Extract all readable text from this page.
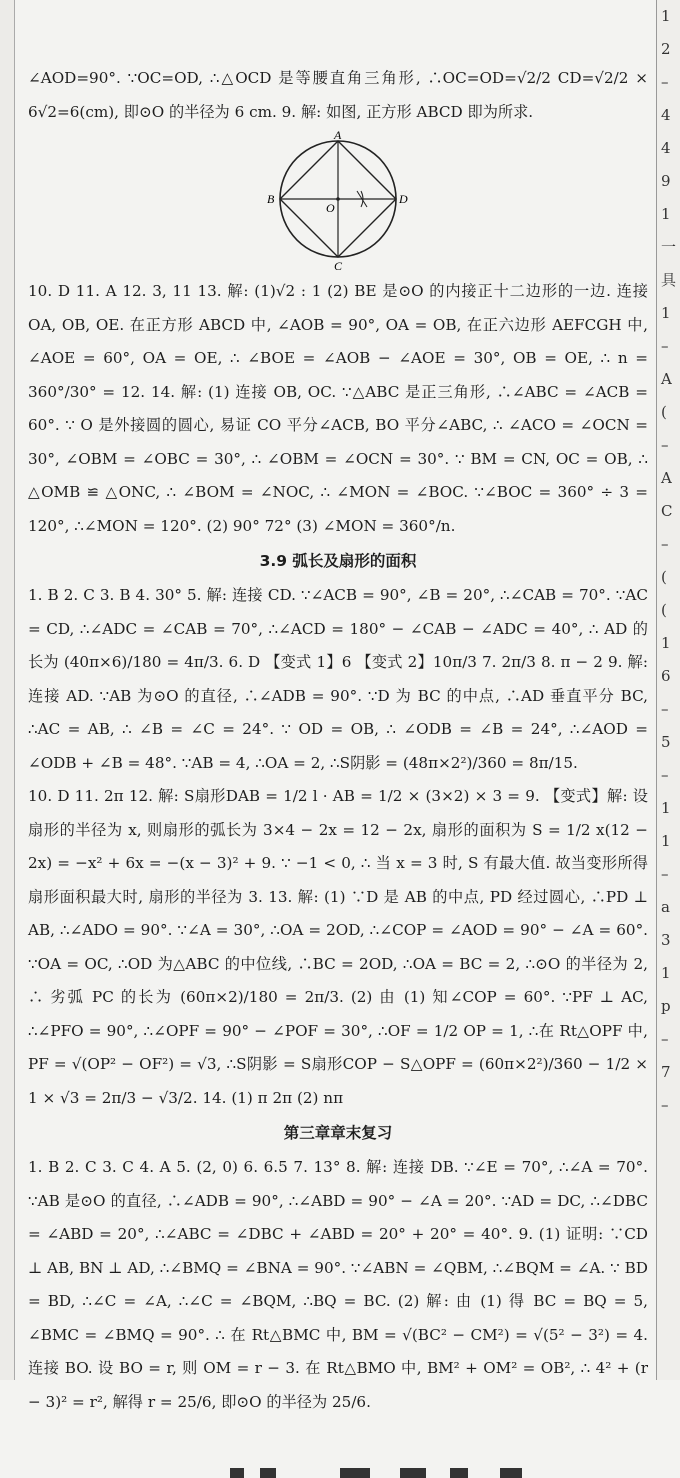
1
2
–
4
4
9
1
一
具
1
–
A
(
–
A
C
–
(
(
1
6
–
5
–
1
1
–
a
3
1
p
–
7
–

∠AOD=90°. ∵OC=OD, ∴△OCD 是等腰直角三角形, ∴OC=OD=√2/2 CD=√2/2 × 6√2=6(cm), 即⊙O 的半径为 6 cm. 9. 解: 如图, 正方形 ABCD 即为所求.

A
B
C
D
O

10. D 11. A 12. 3, 11 13. 解: (1)√2 : 1 (2) BE 是⊙O 的内接正十二边形的一边. 连接 OA, OB, OE. 在正方形 ABCD 中, ∠AOB = 90°, OA = OB, 在正六边形 AEFCGH 中, ∠AOE = 60°, OA = OE, ∴ ∠BOE = ∠AOB − ∠AOE = 30°, OB = OE, ∴ n = 360°/30° = 12. 14. 解: (1) 连接 OB, OC. ∵△ABC 是正三角形, ∴∠ABC = ∠ACB = 60°. ∵ O 是外接圆的圆心, 易证 CO 平分∠ACB, BO 平分∠ABC, ∴ ∠ACO = ∠OCN = 30°, ∠OBM = ∠OBC = 30°, ∴ ∠OBM = ∠OCN = 30°. ∵ BM = CN, OC = OB, ∴ △OMB ≌ △ONC, ∴ ∠BOM = ∠NOC, ∴ ∠MON = ∠BOC. ∵∠BOC = 360° ÷ 3 = 120°, ∴∠MON = 120°. (2) 90° 72° (3) ∠MON = 360°/n.

3.9 弧长及扇形的面积

1. B 2. C 3. B 4. 30° 5. 解: 连接 CD. ∵∠ACB = 90°, ∠B = 20°, ∴∠CAB = 70°. ∵AC = CD, ∴∠ADC = ∠CAB = 70°, ∴∠ACD = 180° − ∠CAB − ∠ADC = 40°, ∴ AD 的长为 (40π×6)/180 = 4π/3. 6. D 【变式 1】6 【变式 2】10π/3 7. 2π/3 8. π − 2 9. 解: 连接 AD. ∵AB 为⊙O 的直径, ∴∠ADB = 90°. ∵D 为 BC 的中点, ∴AD 垂直平分 BC, ∴AC = AB, ∴ ∠B = ∠C = 24°. ∵ OD = OB, ∴ ∠ODB = ∠B = 24°, ∴∠AOD = ∠ODB + ∠B = 48°. ∵AB = 4, ∴OA = 2, ∴S阴影 = (48π×2²)/360 = 8π/15.

10. D 11. 2π 12. 解: S扇形DAB = 1/2 l · AB = 1/2 × (3×2) × 3 = 9. 【变式】解: 设扇形的半径为 x, 则扇形的弧长为 3×4 − 2x = 12 − 2x, 扇形的面积为 S = 1/2 x(12 − 2x) = −x² + 6x = −(x − 3)² + 9. ∵ −1 < 0, ∴ 当 x = 3 时, S 有最大值. 故当变形所得扇形面积最大时, 扇形的半径为 3. 13. 解: (1) ∵D 是 AB 的中点, PD 经过圆心, ∴PD ⊥ AB, ∴∠ADO = 90°. ∵∠A = 30°, ∴OA = 2OD, ∴∠COP = ∠AOD = 90° − ∠A = 60°. ∵OA = OC, ∴OD 为△ABC 的中位线, ∴BC = 2OD, ∴OA = BC = 2, ∴⊙O 的半径为 2, ∴ 劣弧 PC 的长为 (60π×2)/180 = 2π/3. (2) 由 (1) 知∠COP = 60°. ∵PF ⊥ AC, ∴∠PFO = 90°, ∴∠OPF = 90° − ∠POF = 30°, ∴OF = 1/2 OP = 1, ∴在 Rt△OPF 中, PF = √(OP² − OF²) = √3, ∴S阴影 = S扇形COP − S△OPF = (60π×2²)/360 − 1/2 × 1 × √3 = 2π/3 − √3/2. 14. (1) π 2π (2) nπ

第三章章末复习

1. B 2. C 3. C 4. A 5. (2, 0) 6. 6.5 7. 13° 8. 解: 连接 DB. ∵∠E = 70°, ∴∠A = 70°. ∵AB 是⊙O 的直径, ∴∠ADB = 90°, ∴∠ABD = 90° − ∠A = 20°. ∵AD = DC, ∴∠DBC = ∠ABD = 20°, ∴∠ABC = ∠DBC + ∠ABD = 20° + 20° = 40°. 9. (1) 证明: ∵CD ⊥ AB, BN ⊥ AD, ∴∠BMQ = ∠BNA = 90°. ∵∠ABN = ∠QBM, ∴∠BQM = ∠A. ∵ BD = BD, ∴∠C = ∠A, ∴∠C = ∠BQM, ∴BQ = BC. (2) 解: 由 (1) 得 BC = BQ = 5, ∠BMC = ∠BMQ = 90°. ∴ 在 Rt△BMC 中, BM = √(BC² − CM²) = √(5² − 3²) = 4. 连接 BO. 设 BO = r, 则 OM = r − 3. 在 Rt△BMO 中, BM² + OM² = OB², ∴ 4² + (r − 3)² = r², 解得 r = 25/6, 即⊙O 的半径为 25/6.
